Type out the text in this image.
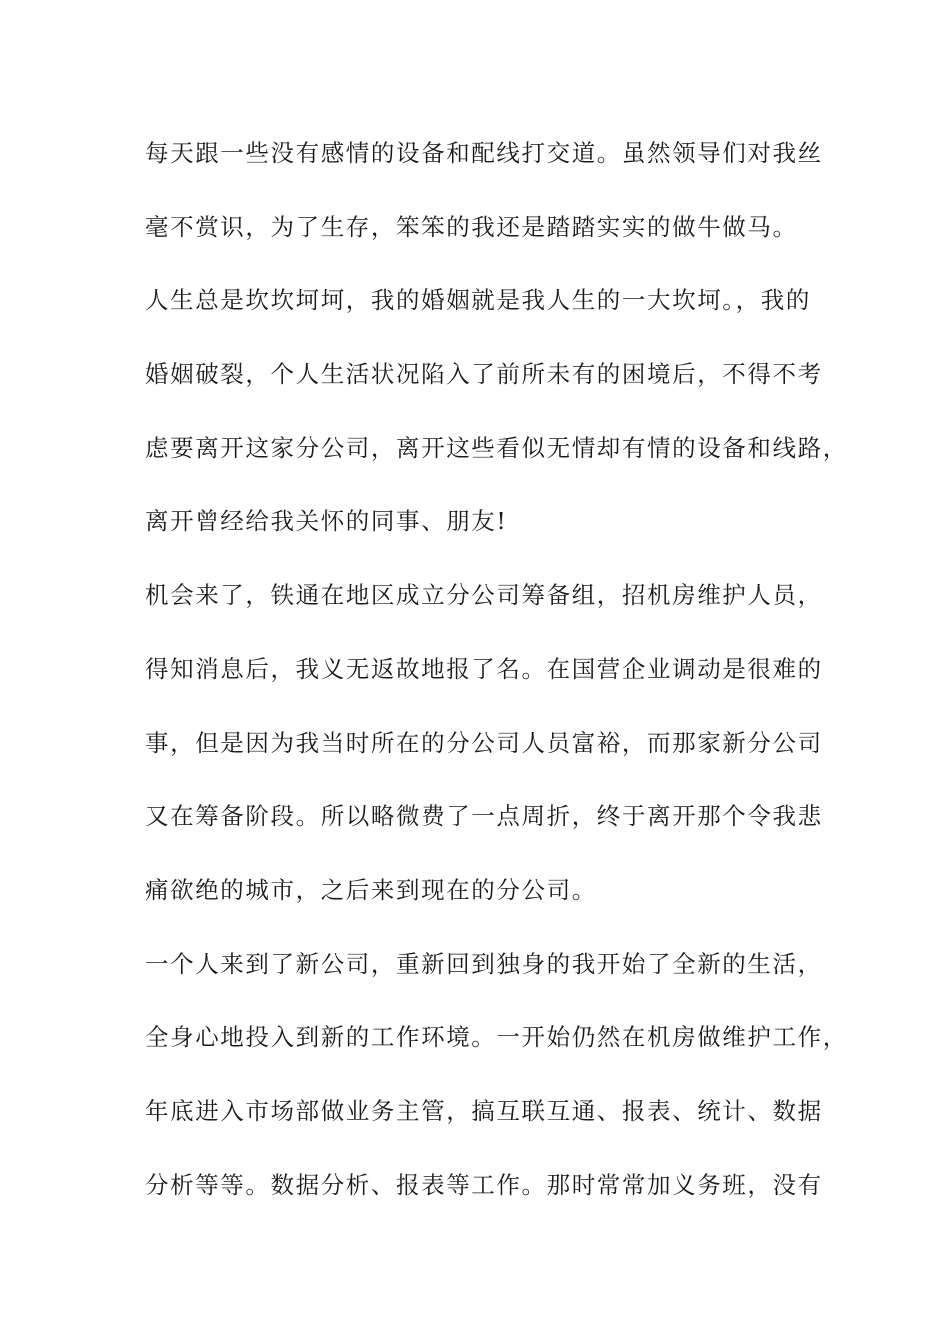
每天跟一些没有感情的设备和配线打交道。虽然领导们对我丝
毫不赏识，为了生存，笨笨的我还是踏踏实实的做牛做马。
人生总是坎坎坷坷，我的婚姻就是我人生的一大坎坷。，我的
婚姻破裂，个人生活状况陷入了前所未有的困境后，不得不考
虑要离开这家分公司，离开这些看似无情却有情的设备和线路，
离开曾经给我关怀的同事、朋友!
机会来了，铁通在地区成立分公司筹备组，招机房维护人员，
得知消息后，我义无返故地报了名。在国营企业调动是很难的
事，但是因为我当时所在的分公司人员富裕，而那家新分公司
又在筹备阶段。所以略微费了一点周折，终于离开那个令我悲
痛欲绝的城市，之后来到现在的分公司。
一个人来到了新公司，重新回到独身的我开始了全新的生活，
全身心地投入到新的工作环境。一开始仍然在机房做维护工作，
年底进入市场部做业务主管，搞互联互通、报表、统计、数据
分析等等。数据分析、报表等工作。那时常常加义务班，没有
